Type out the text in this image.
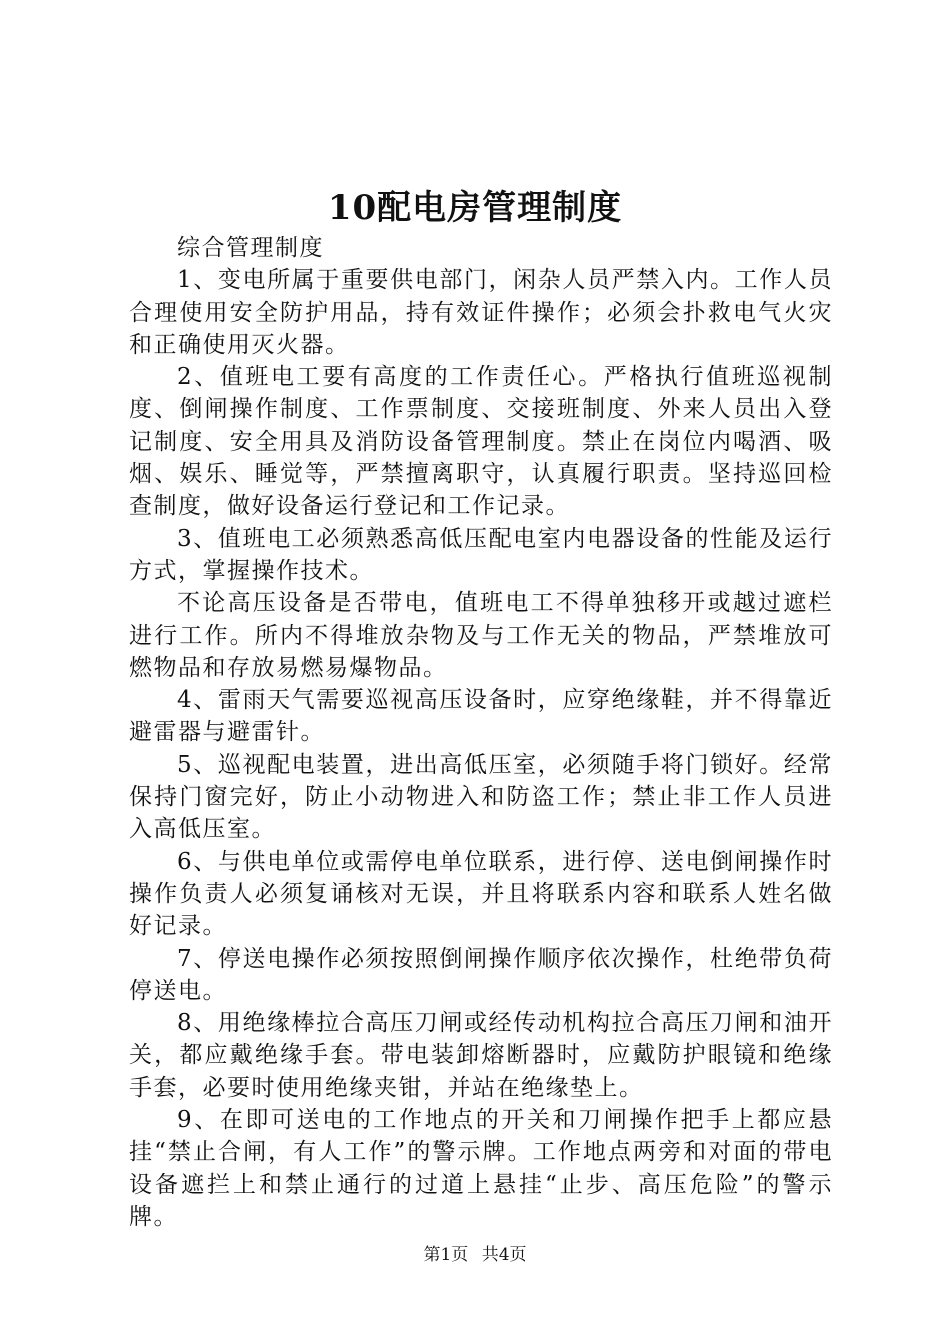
10配电房管理制度

综合管理制度

1、变电所属于重要供电部门，闲杂人员严禁入内。工作人员合理使用安全防护用品，持有效证件操作；必须会扑救电气火灾和正确使用灭火器。

2、值班电工要有高度的工作责任心。严格执行值班巡视制度、倒闸操作制度、工作票制度、交接班制度、外来人员出入登记制度、安全用具及消防设备管理制度。禁止在岗位内喝酒、吸烟、娱乐、睡觉等，严禁擅离职守，认真履行职责。坚持巡回检查制度，做好设备运行登记和工作记录。

3、值班电工必须熟悉高低压配电室内电器设备的性能及运行方式，掌握操作技术。

不论高压设备是否带电，值班电工不得单独移开或越过遮栏进行工作。所内不得堆放杂物及与工作无关的物品，严禁堆放可燃物品和存放易燃易爆物品。

4、雷雨天气需要巡视高压设备时，应穿绝缘鞋，并不得靠近避雷器与避雷针。

5、巡视配电装置，进出高低压室，必须随手将门锁好。经常保持门窗完好，防止小动物进入和防盗工作；禁止非工作人员进入高低压室。

6、与供电单位或需停电单位联系，进行停、送电倒闸操作时操作负责人必须复诵核对无误，并且将联系内容和联系人姓名做好记录。

7、停送电操作必须按照倒闸操作顺序依次操作，杜绝带负荷停送电。

8、用绝缘棒拉合高压刀闸或经传动机构拉合高压刀闸和油开关，都应戴绝缘手套。带电装卸熔断器时，应戴防护眼镜和绝缘手套，必要时使用绝缘夹钳，并站在绝缘垫上。

9、在即可送电的工作地点的开关和刀闸操作把手上都应悬挂“禁止合闸，有人工作”的警示牌。工作地点两旁和对面的带电设备遮拦上和禁止通行的过道上悬挂“止步、高压危险”的警示牌。

第1页 共4页
